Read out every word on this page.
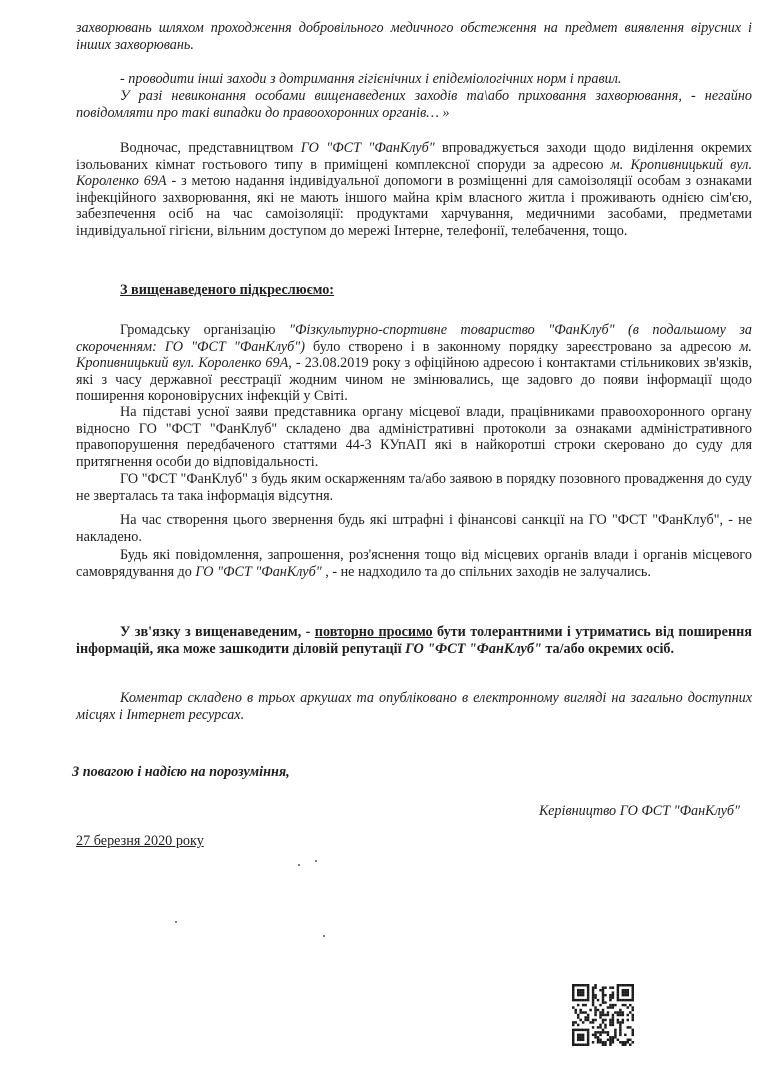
захворювань шляхом проходження добровільного медичного обстеження на предмет виявлення вірусних і інших захворювань.

- проводити інші заходи з дотримання гігієнічних і епідеміологічних норм і правил.

У разі невиконання особами вищенаведених заходів та\або приховання захворювання, - негайно повідомляти про такі випадки до правоохоронних органів… »

Водночас, представництвом ГО "ФСТ "ФанКлуб" впроваджується заходи щодо виділення окремих ізольованих кімнат гостьового типу в приміщені комплексної споруди за адресою м. Кропивницький вул. Короленко 69А - з метою надання індивідуальної допомоги в розміщенні для самоізоляції особам з ознаками інфекційного захворювання, які не мають іншого майна крім власного житла і проживають однією сім'єю, забезпечення осіб на час самоізоляції: продуктами харчування, медичними засобами, предметами індивідуальної гігієни, вільним доступом до мережі Інтерне, телефонії, телебачення, тощо.

З вищенаведеного підкреслюємо:

Громадську організацію "Фізкультурно-спортивне товариство "ФанКлуб" (в подальшому за скороченням: ГО "ФСТ "ФанКлуб") було створено і в законному порядку зареєстровано за адресою м. Кропивницький вул. Короленко 69А, - 23.08.2019 року з офіційною адресою і контактами стільникових зв'язків, які з часу державної реєстрації жодним чином не змінювались, ще задовго до появи інформації щодо поширення короновірусних інфекцій у Світі.

На підставі усної заяви представника органу місцевої влади, працівниками правоохоронного органу відносно ГО "ФСТ "ФанКлуб" складено два адміністративні протоколи за ознаками адміністративного правопорушення передбаченого статтями 44-3 КУпАП які в найкоротші строки скеровано до суду для притягнення особи до відповідальності.

ГО "ФСТ "ФанКлуб" з будь яким оскарженням та/або заявою в порядку позовного провадження до суду не зверталась та така інформація відсутня.

На час створення цього звернення будь які штрафні і фінансові санкції на ГО "ФСТ "ФанКлуб", - не накладено.

Будь які повідомлення, запрошення, роз'яснення тощо від місцевих органів влади і органів місцевого самоврядування до ГО "ФСТ "ФанКлуб" , - не надходило та до спільних заходів не залучались.

У зв'язку з вищенаведеним, - повторно просимо бути толерантними і утриматись від поширення інформацій, яка може зашкодити діловій репутації ГО "ФСТ "ФанКлуб" та/або окремих осіб.

Коментар складено в трьох аркушах та опубліковано в електронному вигляді на загально доступних місцях і Інтернет ресурсах.

З повагою і надією на порозуміння,

Керівництво ГО ФСТ "ФанКлуб"

27 березня 2020 року
